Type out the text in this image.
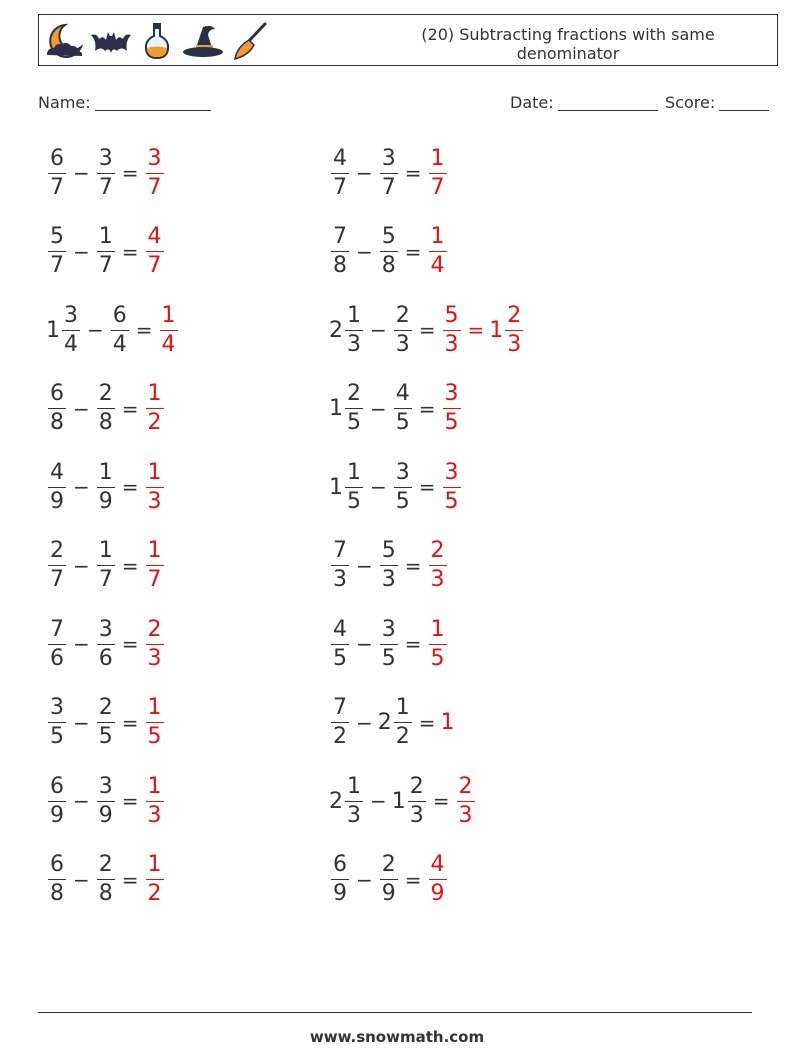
(20) Subtracting fractions with same denominator
Name:	Date:	Score:
$\frac{6}{7} - \frac{3}{7} = \frac{3}{7}$	$\frac{4}{7} - \frac{3}{7} = \frac{1}{7}$
$\frac{5}{7} - \frac{1}{7} = \frac{4}{7}$	$\frac{7}{8} - \frac{5}{8} = \frac{1}{4}$
$1 \frac{3}{4} - \frac{6}{4} = \frac{1}{4}$	$2 \frac{1}{3} - \frac{2}{3} = \frac{5}{3} = 1 \frac{2}{3}$
$\frac{6}{8} - \frac{2}{8} = \frac{1}{2}$	$1 \frac{2}{5} - \frac{4}{5} = \frac{3}{5}$
$\frac{4}{9} - \frac{1}{9} = \frac{1}{3}$	$1 \frac{1}{5} - \frac{3}{5} = \frac{3}{5}$
$\frac{2}{7} - \frac{1}{7} = \frac{1}{7}$	$\frac{7}{3} - \frac{5}{3} = \frac{2}{3}$
$\frac{7}{6} - \frac{3}{6} = \frac{2}{3}$	$\frac{4}{5} - \frac{3}{5} = \frac{1}{5}$
$\frac{3}{5} - \frac{2}{5} = \frac{1}{5}$	$\frac{7}{2} - 2 \frac{1}{2} = 1$
$\frac{6}{9} - \frac{3}{9} = \frac{1}{3}$	$2 \frac{1}{3} - 1 \frac{2}{3} = \frac{2}{3}$
$\frac{6}{8} - \frac{2}{8} = \frac{1}{2}$	$\frac{6}{9} - \frac{2}{9} = \frac{4}{9}$
www.snowmath.com
